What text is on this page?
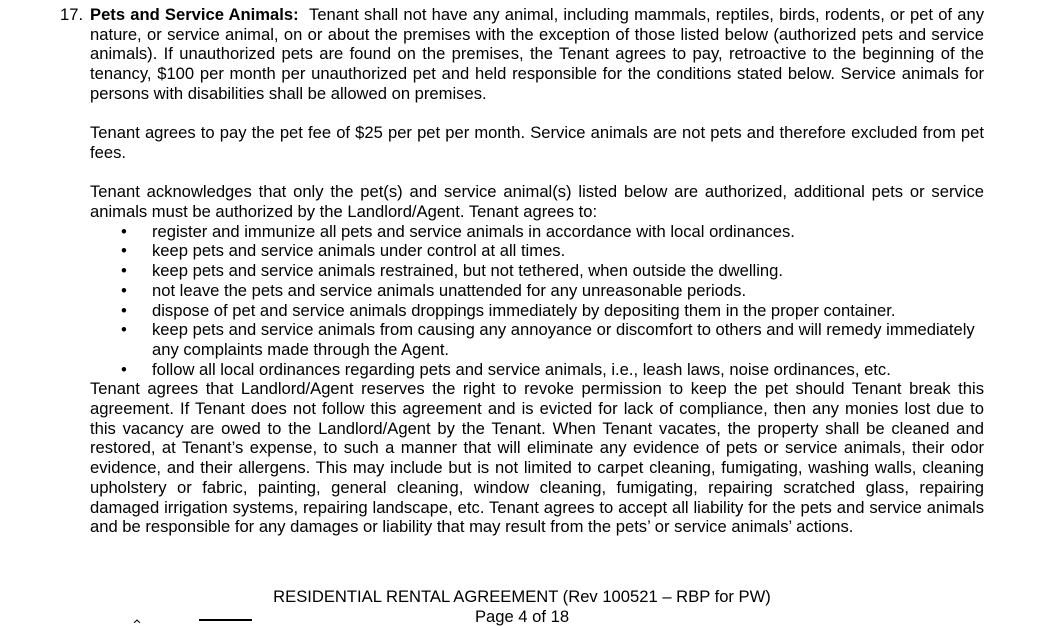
17. Pets and Service Animals: Tenant shall not have any animal, including mammals, reptiles, birds, rodents, or pet of any nature, or service animal, on or about the premises with the exception of those listed below (authorized pets and service animals). If unauthorized pets are found on the premises, the Tenant agrees to pay, retroactive to the beginning of the tenancy, $100 per month per unauthorized pet and held responsible for the conditions stated below. Service animals for persons with disabilities shall be allowed on premises.

Tenant agrees to pay the pet fee of $25 per pet per month. Service animals are not pets and therefore excluded from pet fees.

Tenant acknowledges that only the pet(s) and service animal(s) listed below are authorized, additional pets or service animals must be authorized by the Landlord/Agent. Tenant agrees to:

• register and immunize all pets and service animals in accordance with local ordinances.
• keep pets and service animals under control at all times.
• keep pets and service animals restrained, but not tethered, when outside the dwelling.
• not leave the pets and service animals unattended for any unreasonable periods.
• dispose of pet and service animals droppings immediately by depositing them in the proper container.
• keep pets and service animals from causing any annoyance or discomfort to others and will remedy immediately any complaints made through the Agent.
• follow all local ordinances regarding pets and service animals, i.e., leash laws, noise ordinances, etc.

Tenant agrees that Landlord/Agent reserves the right to revoke permission to keep the pet should Tenant break this agreement. If Tenant does not follow this agreement and is evicted for lack of compliance, then any monies lost due to this vacancy are owed to the Landlord/Agent by the Tenant. When Tenant vacates, the property shall be cleaned and restored, at Tenant’s expense, to such a manner that will eliminate any evidence of pets or service animals, their odor evidence, and their allergens. This may include but is not limited to carpet cleaning, fumigating, washing walls, cleaning upholstery or fabric, painting, general cleaning, window cleaning, fumigating, repairing scratched glass, repairing damaged irrigation systems, repairing landscape, etc. Tenant agrees to accept all liability for the pets and service animals and be responsible for any damages or liability that may result from the pets’ or service animals’ actions.

RESIDENTIAL RENTAL AGREEMENT (Rev 100521 – RBP for PW)

Page 4 of 18
